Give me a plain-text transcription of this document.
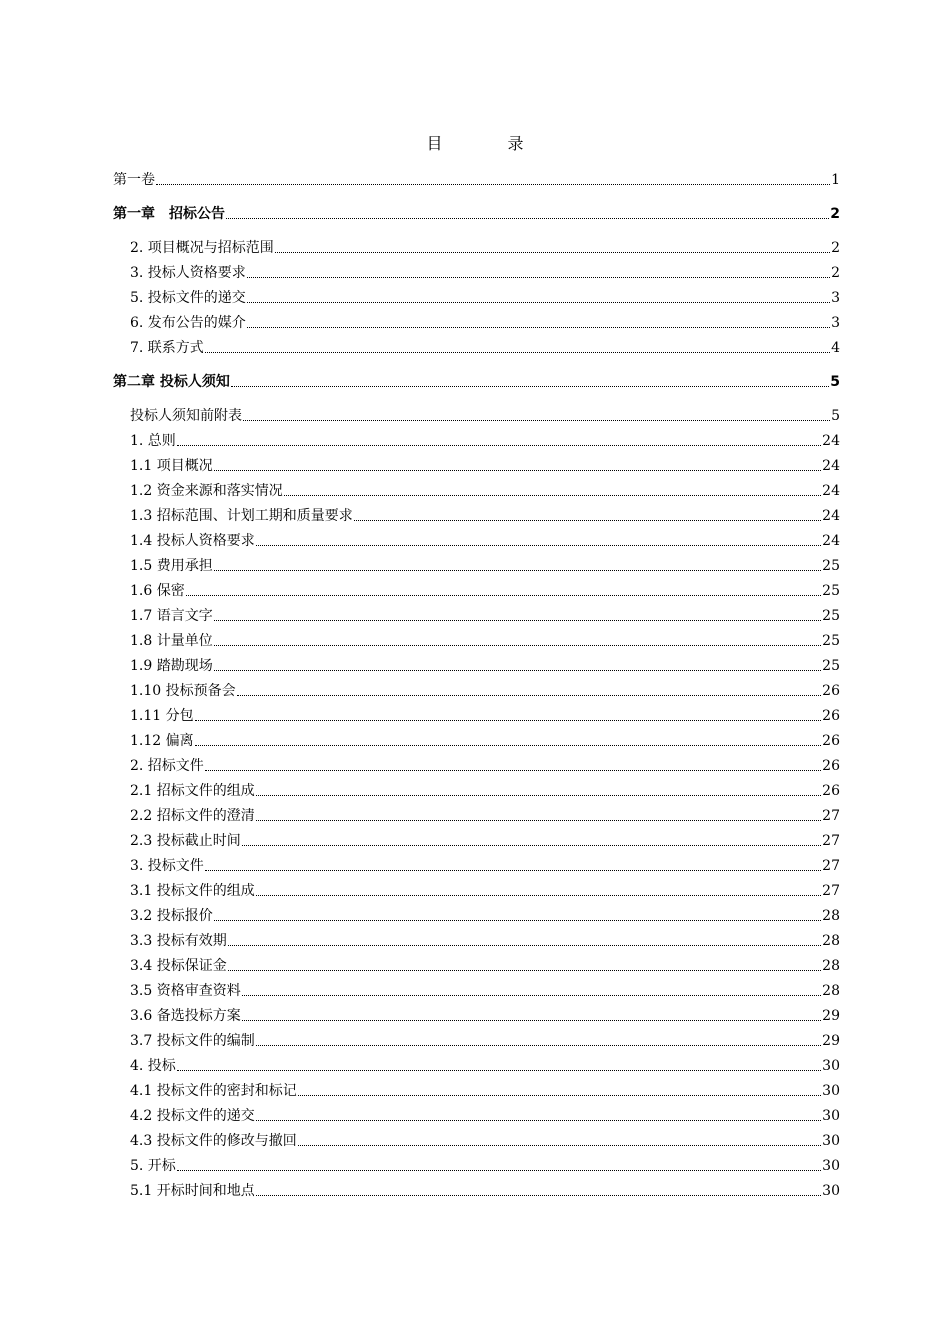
目 录
第一卷	1
第一章　招标公告	2
2. 项目概况与招标范围	2
3. 投标人资格要求	2
5. 投标文件的递交	3
6. 发布公告的媒介	3
7. 联系方式	4
第二章 投标人须知	5
投标人须知前附表	5
1. 总则	24
1.1 项目概况	24
1.2 资金来源和落实情况	24
1.3 招标范围、计划工期和质量要求	24
1.4 投标人资格要求	24
1.5 费用承担	25
1.6 保密	25
1.7 语言文字	25
1.8 计量单位	25
1.9 踏勘现场	25
1.10 投标预备会	26
1.11 分包	26
1.12 偏离	26
2. 招标文件	26
2.1 招标文件的组成	26
2.2 招标文件的澄清	27
2.3 投标截止时间	27
3. 投标文件	27
3.1 投标文件的组成	27
3.2 投标报价	28
3.3 投标有效期	28
3.4 投标保证金	28
3.5 资格审查资料	28
3.6 备选投标方案	29
3.7 投标文件的编制	29
4. 投标	30
4.1 投标文件的密封和标记	30
4.2 投标文件的递交	30
4.3 投标文件的修改与撤回	30
5. 开标	30
5.1 开标时间和地点	30
